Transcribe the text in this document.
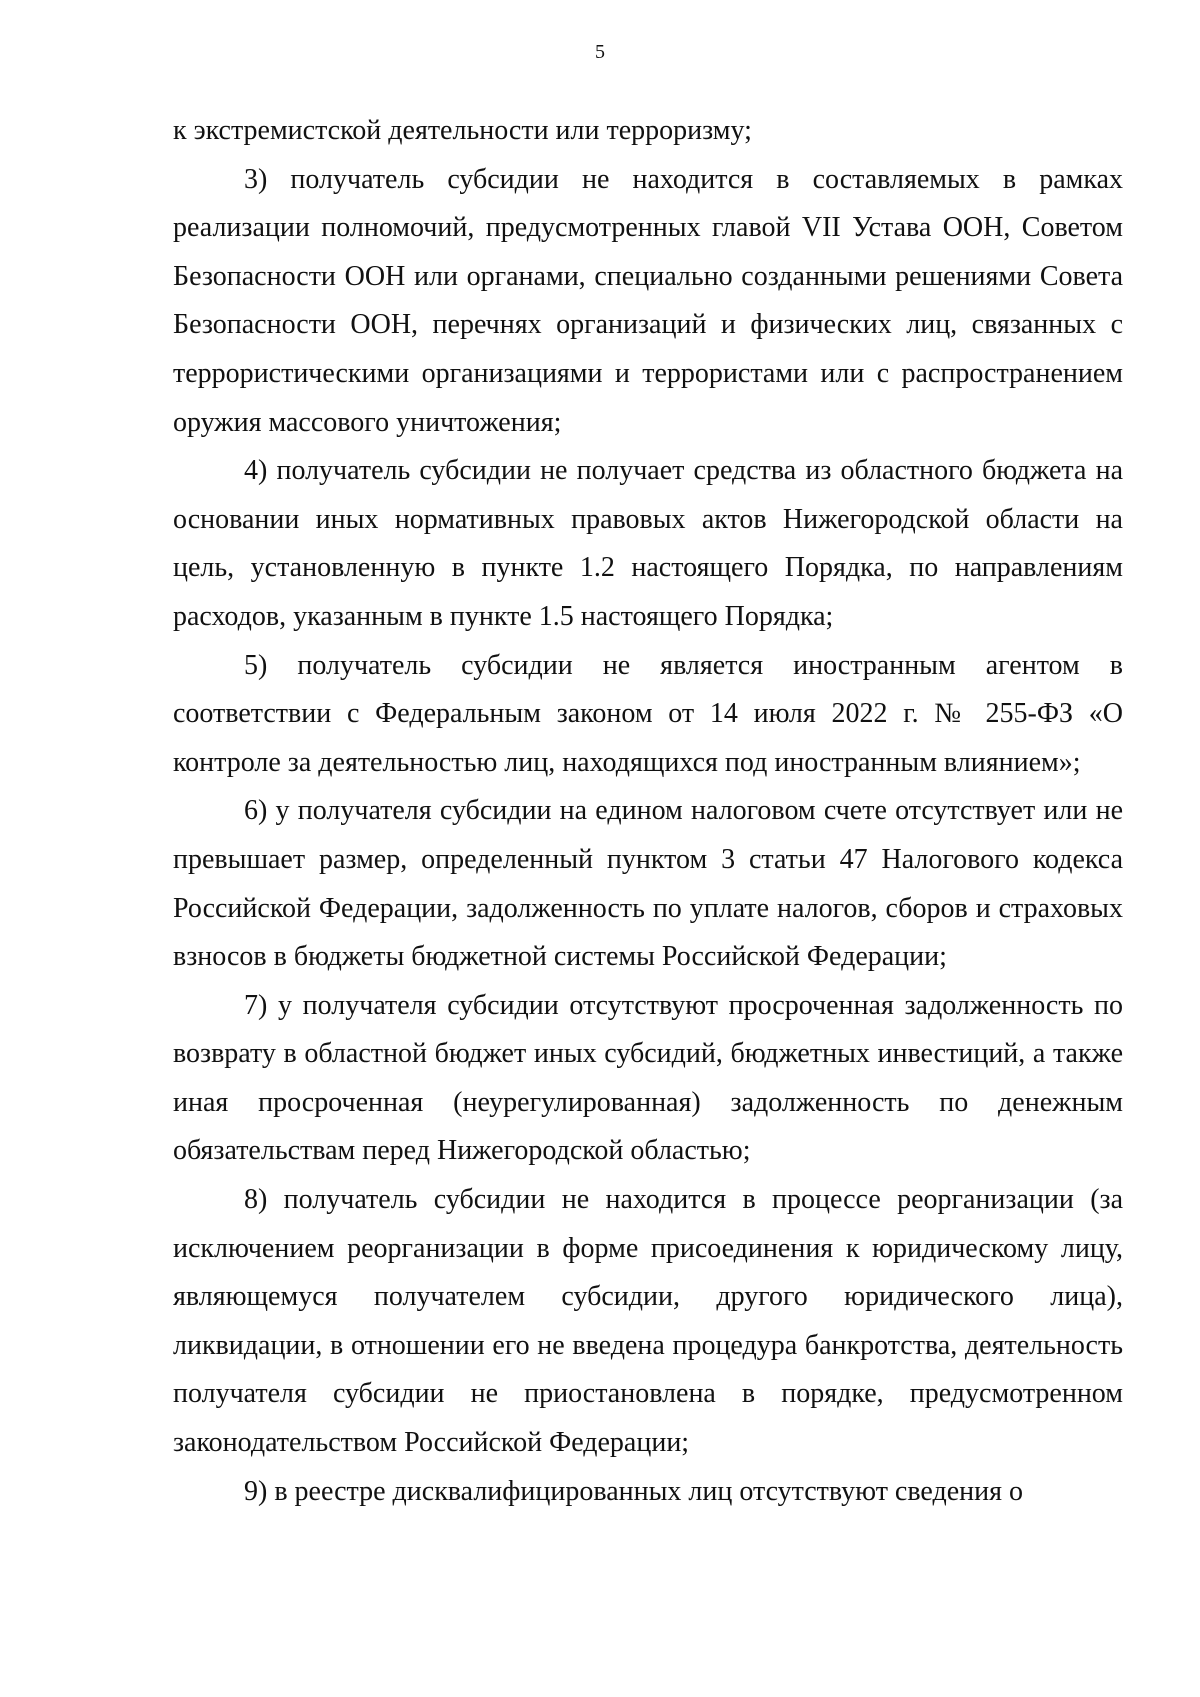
5

к экстремистской деятельности или терроризму;

3) получатель субсидии не находится в составляемых в рамках реализации полномочий, предусмотренных главой VII Устава ООН, Советом Безопасности ООН или органами, специально созданными решениями Совета Безопасности ООН, перечнях организаций и физических лиц, связанных с террористическими организациями и террористами или с распространением оружия массового уничтожения;

4) получатель субсидии не получает средства из областного бюджета на основании иных нормативных правовых актов Нижегородской области на цель, установленную в пункте 1.2 настоящего Порядка, по направлениям расходов, указанным в пункте 1.5 настоящего Порядка;

5) получатель субсидии не является иностранным агентом в соответствии с Федеральным законом от 14 июля 2022 г. № 255-ФЗ «О контроле за деятельностью лиц, находящихся под иностранным влиянием»;

6) у получателя субсидии на едином налоговом счете отсутствует или не превышает размер, определенный пунктом 3 статьи 47 Налогового кодекса Российской Федерации, задолженность по уплате налогов, сборов и страховых взносов в бюджеты бюджетной системы Российской Федерации;

7) у получателя субсидии отсутствуют просроченная задолженность по возврату в областной бюджет иных субсидий, бюджетных инвестиций, а также иная просроченная (неурегулированная) задолженность по денежным обязательствам перед Нижегородской областью;

8) получатель субсидии не находится в процессе реорганизации (за исключением реорганизации в форме присоединения к юридическому лицу, являющемуся получателем субсидии, другого юридического лица), ликвидации, в отношении его не введена процедура банкротства, деятельность получателя субсидии не приостановлена в порядке, предусмотренном законодательством Российской Федерации;

9) в реестре дисквалифицированных лиц отсутствуют сведения о
